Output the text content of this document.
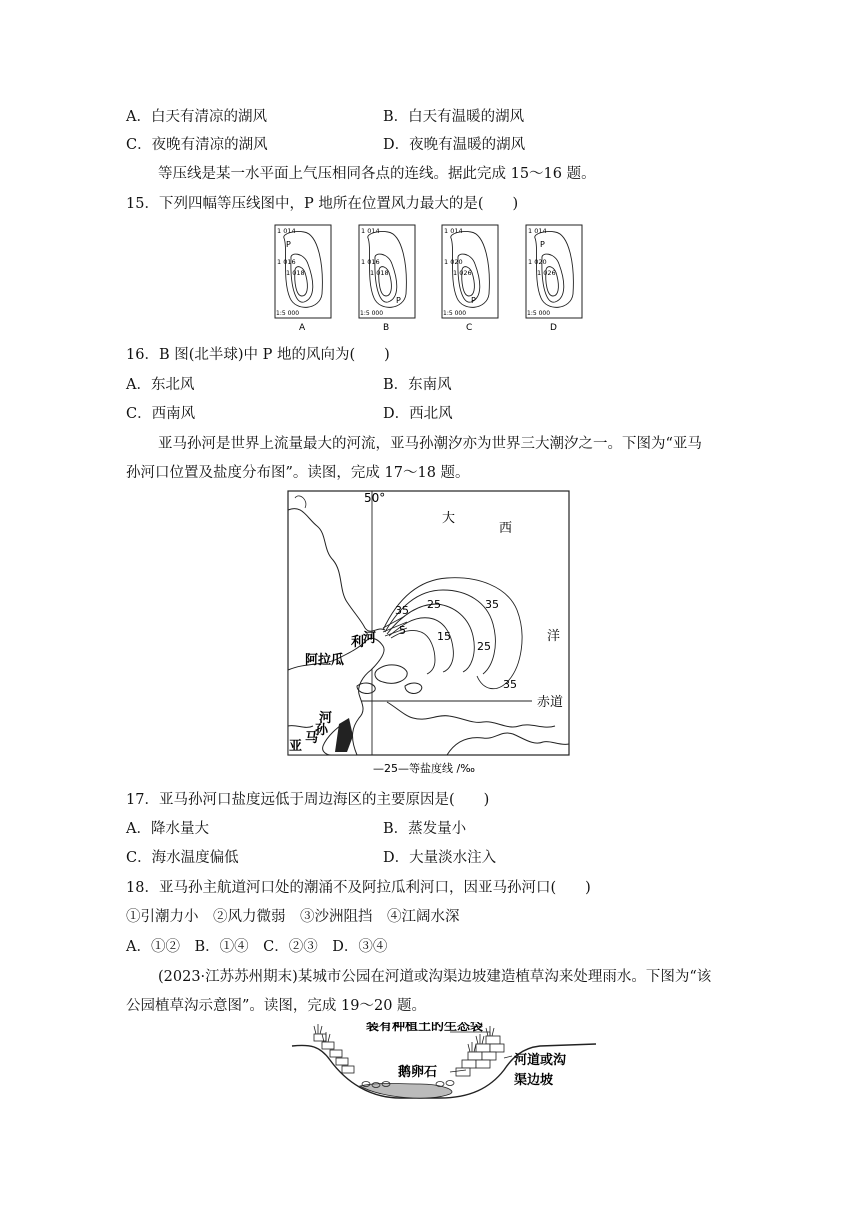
A．白天有清凉的湖风	B．白天有温暖的湖风
C．夜晚有清凉的湖风	D．夜晚有温暖的湖风
等压线是某一水平面上气压相同各点的连线。据此完成 15～16 题。
15．下列四幅等压线图中，P 地所在位置风力最大的是(　　)
1 014
P
1 016
1 018
1:5 000
A
1 014
1 016
1 018
P
1:5 000
B
1 014
1 020
1 026
P
1:5 000
C
1 014
P
1 020
1 026
1:5 000
D
16．B 图(北半球)中 P 地的风向为(　　)
A．东北风	B．东南风
C．西南风	D．西北风
亚马孙河是世界上流量最大的河流，亚马孙潮汐亦为世界三大潮汐之一。下图为“亚马
孙河口位置及盐度分布图”。读图，完成 17～18 题。
50°
大
西
洋
赤道
阿拉瓜
利
河
河
亚
马
孙
35 25	35
15
5
25
35
—25—等盐度线 /‰
17．亚马孙河口盐度远低于周边海区的主要原因是(　　)
A．降水量大	B．蒸发量小
C．海水温度偏低	D．大量淡水注入
18．亚马孙主航道河口处的潮涌不及阿拉瓜利河口，因亚马孙河口(　　)
①引潮力小　②风力微弱　③沙洲阻挡　④江阔水深
A．①②　B．①④　C．②③　D．③④
(2023·江苏苏州期末)某城市公园在河道或沟渠边坡建造植草沟来处理雨水。下图为“该
公园植草沟示意图”。读图，完成 19～20 题。
装有种植土的生态袋
鹅卵石
河道或沟
渠边坡
